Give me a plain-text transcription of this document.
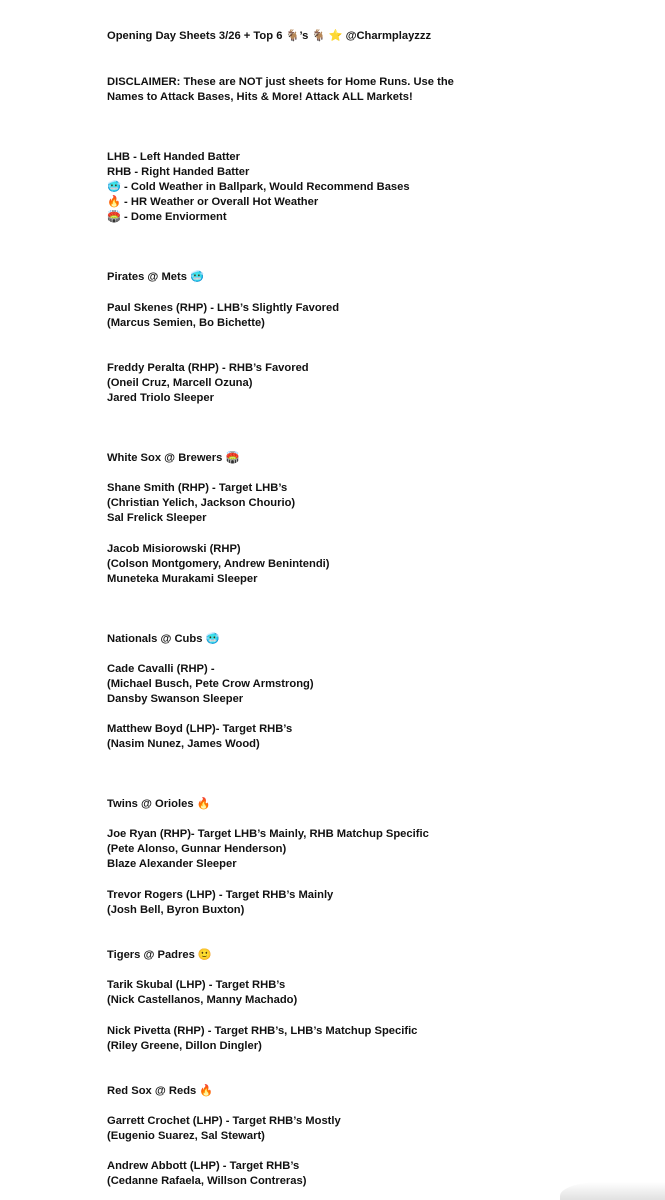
Opening Day Sheets 3/26 + Top 6 🐐’s 🐐 ⭐ @Charmplayzzz
DISCLAIMER: These are NOT just sheets for Home Runs. Use the
Names to Attack Bases, Hits & More! Attack ALL Markets!
LHB - Left Handed Batter
RHB - Right Handed Batter
🥶 - Cold Weather in Ballpark, Would Recommend Bases
🔥 - HR Weather or Overall Hot Weather
🏟️ - Dome Enviorment
Pirates @ Mets 🥶
Paul Skenes (RHP) - LHB’s Slightly Favored
(Marcus Semien, Bo Bichette)
Freddy Peralta (RHP) - RHB’s Favored
(Oneil Cruz, Marcell Ozuna)
Jared Triolo Sleeper
White Sox @ Brewers 🏟️
Shane Smith (RHP) - Target LHB’s
(Christian Yelich, Jackson Chourio)
Sal Frelick Sleeper
Jacob Misiorowski (RHP)
(Colson Montgomery, Andrew Benintendi)
Muneteka Murakami Sleeper
Nationals @ Cubs 🥶
Cade Cavalli (RHP) -
(Michael Busch, Pete Crow Armstrong)
Dansby Swanson Sleeper
Matthew Boyd (LHP)- Target RHB’s
(Nasim Nunez, James Wood)
Twins @ Orioles 🔥
Joe Ryan (RHP)- Target LHB’s Mainly, RHB Matchup Specific
(Pete Alonso, Gunnar Henderson)
Blaze Alexander Sleeper
Trevor Rogers (LHP) - Target RHB’s Mainly
(Josh Bell, Byron Buxton)
Tigers @ Padres 🙂
Tarik Skubal (LHP) - Target RHB’s
(Nick Castellanos, Manny Machado)
Nick Pivetta (RHP) - Target RHB’s, LHB’s Matchup Specific
(Riley Greene, Dillon Dingler)
Red Sox @ Reds 🔥
Garrett Crochet (LHP) - Target RHB’s Mostly
(Eugenio Suarez, Sal Stewart)
Andrew Abbott (LHP) - Target RHB’s
(Cedanne Rafaela, Willson Contreras)
